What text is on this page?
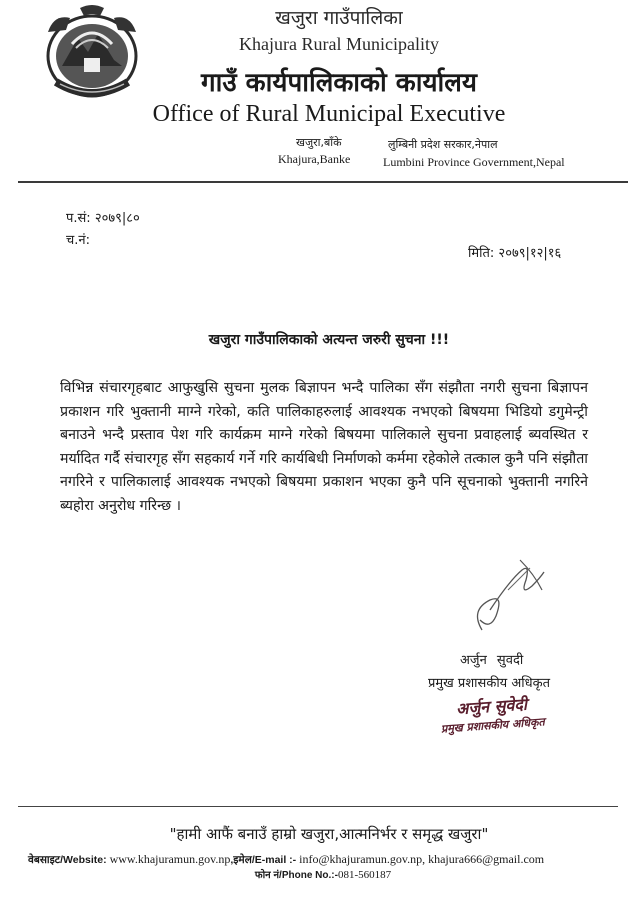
खजुरा गाउँपालिका
Khajura Rural Municipality
गाउँ कार्यपालिकाको कार्यालय
Office of Rural Municipal Executive
खजुरा,बाँके
Khajura,Banke
लुम्बिनी प्रदेश सरकार,नेपाल
Lumbini Province Government,Nepal
प.सं: २०७९|८०
च.नं:
मिति: २०७९|१२|१६
खजुरा गाउँपालिकाको अत्यन्त जरुरी सुचना !!!
विभिन्न संचारगृहबाट आफुखुसि सुचना मुलक बिज्ञापन भन्दै पालिका सँग संझौता नगरी सुचना बिज्ञापन प्रकाशन गरि भुक्तानी माग्ने गरेको, कति पालिकाहरुलाई आवश्यक नभएको बिषयमा भिडियो डगुमेन्ट्री बनाउने भन्दै प्रस्ताव पेश गरि कार्यक्रम माग्ने गरेको बिषयमा पालिकाले सुचना प्रवाहलाई ब्यवस्थित र मर्यादित गर्दै संचारगृह सँग सहकार्य गर्ने गरि कार्यबिधी निर्माणको कर्ममा रहेकोले तत्काल कुनै पनि संझौता नगरिने र पालिकालाई आवश्यक नभएको बिषयमा प्रकाशन भएका कुनै पनि सूचनाको भुक्तानी नगरिने ब्यहोरा अनुरोध गरिन्छ ।
अर्जुन सुवदी
प्रमुख प्रशासकीय अधिकृत
अर्जुन सुवेदी
प्रमुख प्रशासकीय अधिकृत
"हामी आफैं बनाउँ हाम्रो खजुरा,आत्मनिर्भर र समृद्ध खजुरा"
वेबसाइट/Website: www.khajuramun.gov.np,इमेल/E-mail :- info@khajuramun.gov.np, khajura666@gmail.com
फोन नं/Phone No.:-081-560187
